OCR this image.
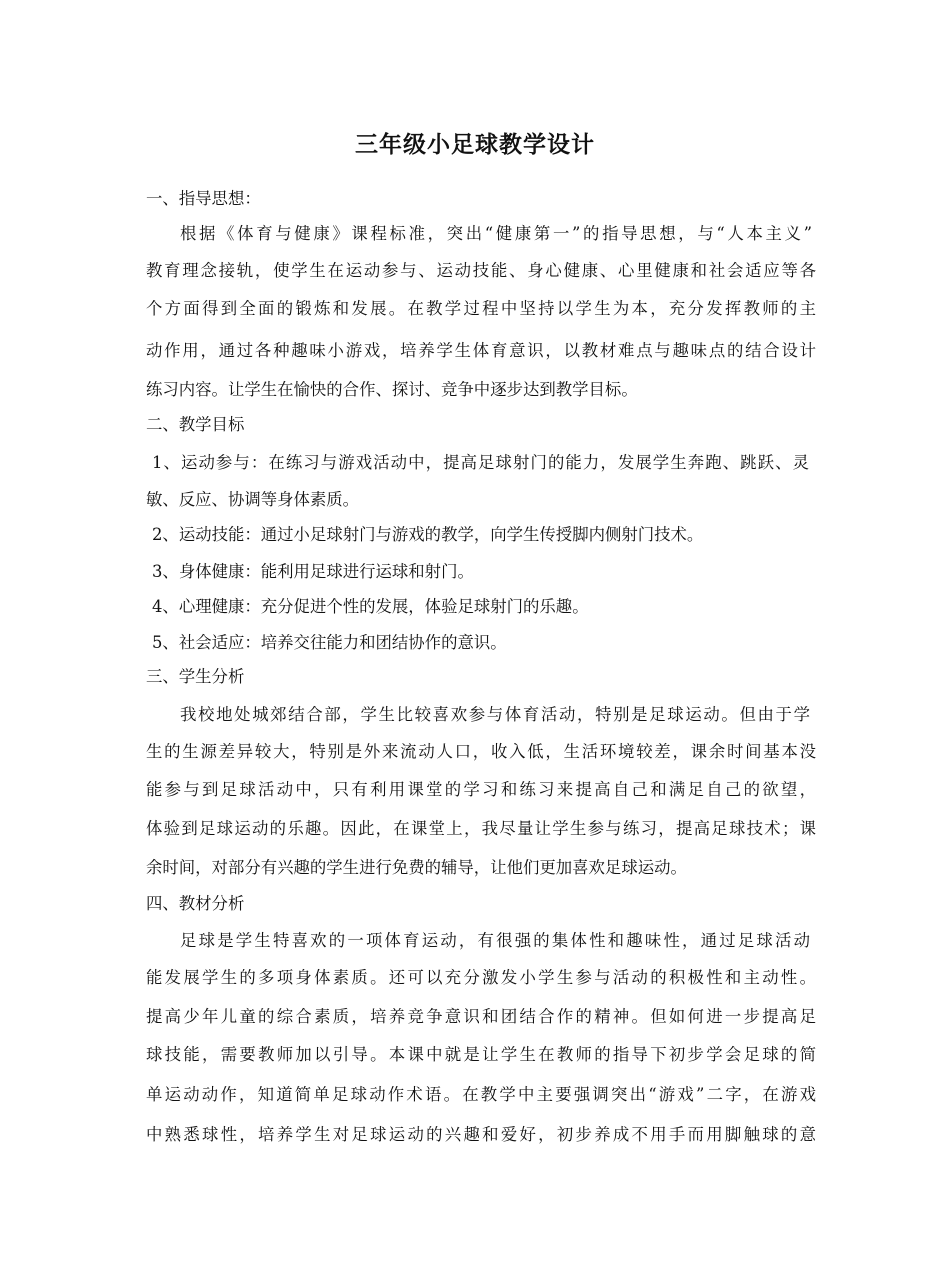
三年级小足球教学设计
一、指导思想：
根据《体育与健康》课程标准，突出“健康第一”的指导思想，与“人本主义”
教育理念接轨，使学生在运动参与、运动技能、身心健康、心里健康和社会适应等各
个方面得到全面的锻炼和发展。在教学过程中坚持以学生为本，充分发挥教师的主
动作用，通过各种趣味小游戏，培养学生体育意识，以教材难点与趣味点的结合设计
练习内容。让学生在愉快的合作、探讨、竞争中逐步达到教学目标。
二、教学目标
1、运动参与：在练习与游戏活动中，提高足球射门的能力，发展学生奔跑、跳跃、灵
敏、反应、协调等身体素质。
2、运动技能：通过小足球射门与游戏的教学，向学生传授脚内侧射门技术。
3、身体健康：能利用足球进行运球和射门。
4、心理健康：充分促进个性的发展，体验足球射门的乐趣。
5、社会适应：培养交往能力和团结协作的意识。
三、学生分析
我校地处城郊结合部，学生比较喜欢参与体育活动，特别是足球运动。但由于学
生的生源差异较大，特别是外来流动人口，收入低，生活环境较差，课余时间基本没
能参与到足球活动中，只有利用课堂的学习和练习来提高自己和满足自己的欲望，
体验到足球运动的乐趣。因此，在课堂上，我尽量让学生参与练习，提高足球技术；课
余时间，对部分有兴趣的学生进行免费的辅导，让他们更加喜欢足球运动。
四、教材分析
足球是学生特喜欢的一项体育运动，有很强的集体性和趣味性，通过足球活动
能发展学生的多项身体素质。还可以充分激发小学生参与活动的积极性和主动性。
提高少年儿童的综合素质，培养竞争意识和团结合作的精神。但如何进一步提高足
球技能，需要教师加以引导。本课中就是让学生在教师的指导下初步学会足球的简
单运动动作，知道简单足球动作术语。在教学中主要强调突出“游戏”二字，在游戏
中熟悉球性，培养学生对足球运动的兴趣和爱好，初步养成不用手而用脚触球的意
